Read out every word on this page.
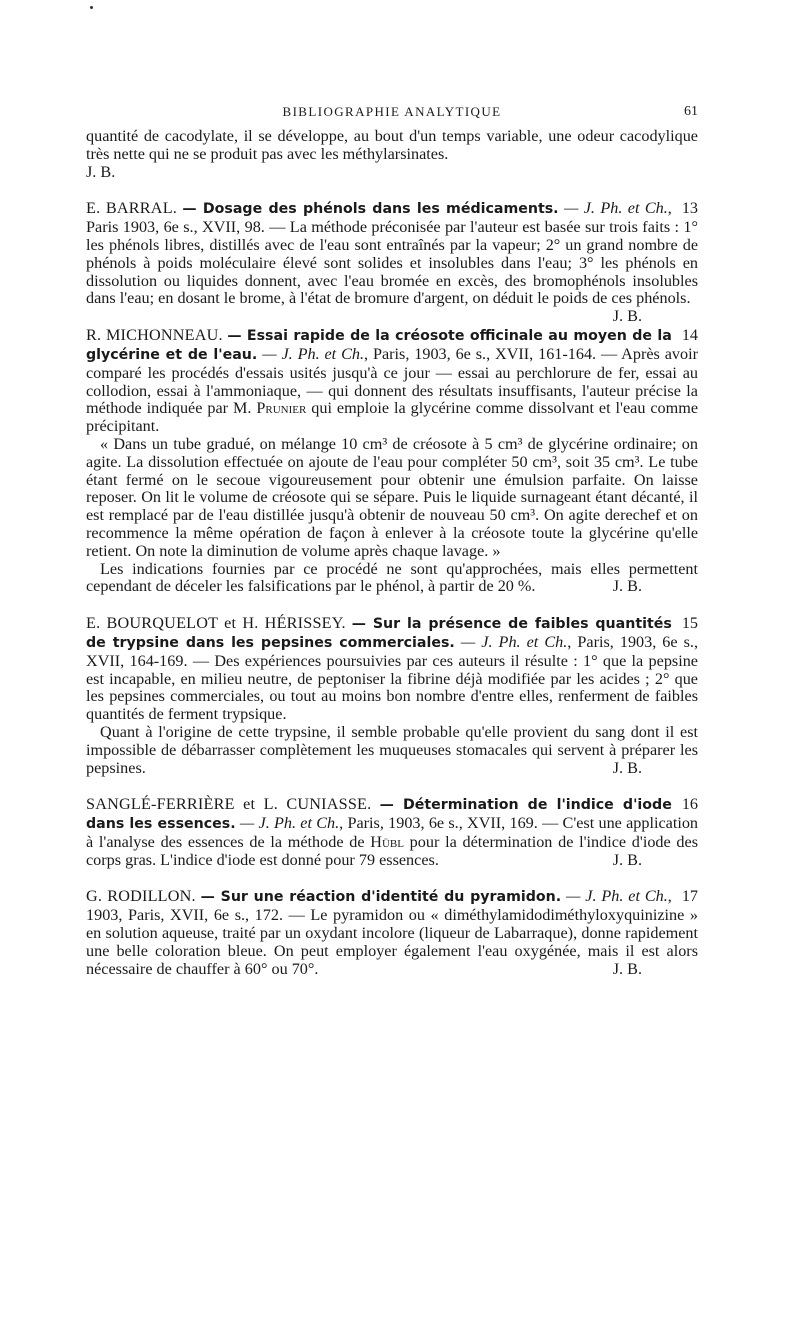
BIBLIOGRAPHIE ANALYTIQUE	61

quantité de cacodylate, il se développe, au bout d'un temps variable, une odeur cacodylique très nette qui ne se produit pas avec les méthylarsinates.

J. B.

13
E. BARRAL. — Dosage des phénols dans les médicaments. — J. Ph. et Ch., Paris 1903, 6e s., XVII, 98. — La méthode préconisée par l'auteur est basée sur trois faits : 1° les phénols libres, distillés avec de l'eau sont entraînés par la vapeur; 2° un grand nombre de phénols à poids moléculaire élevé sont solides et insolubles dans l'eau; 3° les phénols en dissolution ou liquides donnent, avec l'eau bromée en excès, des bromophénols insolubles dans l'eau; en dosant le brome, à l'état de bromure d'argent, on déduit le poids de ces phénols.
J. B.

14
R. MICHONNEAU. — Essai rapide de la créosote officinale au moyen de la glycérine et de l'eau. — J. Ph. et Ch., Paris, 1903, 6e s., XVII, 161-164. — Après avoir comparé les procédés d'essais usités jusqu'à ce jour — essai au perchlorure de fer, essai au collodion, essai à l'ammoniaque, — qui donnent des résultats insuffisants, l'auteur précise la méthode indiquée par M. Prunier qui emploie la glycérine comme dissolvant et l'eau comme précipitant.

« Dans un tube gradué, on mélange 10 cm³ de créosote à 5 cm³ de glycérine ordinaire; on agite. La dissolution effectuée on ajoute de l'eau pour compléter 50 cm³, soit 35 cm³. Le tube étant fermé on le secoue vigoureusement pour obtenir une émulsion parfaite. On laisse reposer. On lit le volume de créosote qui se sépare. Puis le liquide surnageant étant décanté, il est remplacé par de l'eau distillée jusqu'à obtenir de nouveau 50 cm³. On agite derechef et on recommence la même opération de façon à enlever à la créosote toute la glycérine qu'elle retient. On note la diminution de volume après chaque lavage. »

Les indications fournies par ce procédé ne sont qu'approchées, mais elles permettent cependant de déceler les falsifications par le phénol, à partir de 20 %.	J. B.

15
E. BOURQUELOT et H. HÉRISSEY. — Sur la présence de faibles quantités de trypsine dans les pepsines commerciales. — J. Ph. et Ch., Paris, 1903, 6e s., XVII, 164-169. — Des expériences poursuivies par ces auteurs il résulte : 1° que la pepsine est incapable, en milieu neutre, de peptoniser la fibrine déjà modifiée par les acides ; 2° que les pepsines commerciales, ou tout au moins bon nombre d'entre elles, renferment de faibles quantités de ferment trypsique.

Quant à l'origine de cette trypsine, il semble probable qu'elle provient du sang dont il est impossible de débarrasser complètement les muqueuses stomacales qui servent à préparer les pepsines.	J. B.

16
SANGLÉ-FERRIÈRE et L. CUNIASSE. — Détermination de l'indice d'iode dans les essences. — J. Ph. et Ch., Paris, 1903, 6e s., XVII, 169. — C'est une application à l'analyse des essences de la méthode de Hübl pour la détermination de l'indice d'iode des corps gras. L'indice d'iode est donné pour 79 essences.	J. B.

17
G. RODILLON. — Sur une réaction d'identité du pyramidon. — J. Ph. et Ch., 1903, Paris, XVII, 6e s., 172. — Le pyramidon ou « diméthylamidodiméthyloxyquinizine » en solution aqueuse, traité par un oxydant incolore (liqueur de Labarraque), donne rapidement une belle coloration bleue. On peut employer également l'eau oxygénée, mais il est alors nécessaire de chauffer à 60° ou 70°.	J. B.
